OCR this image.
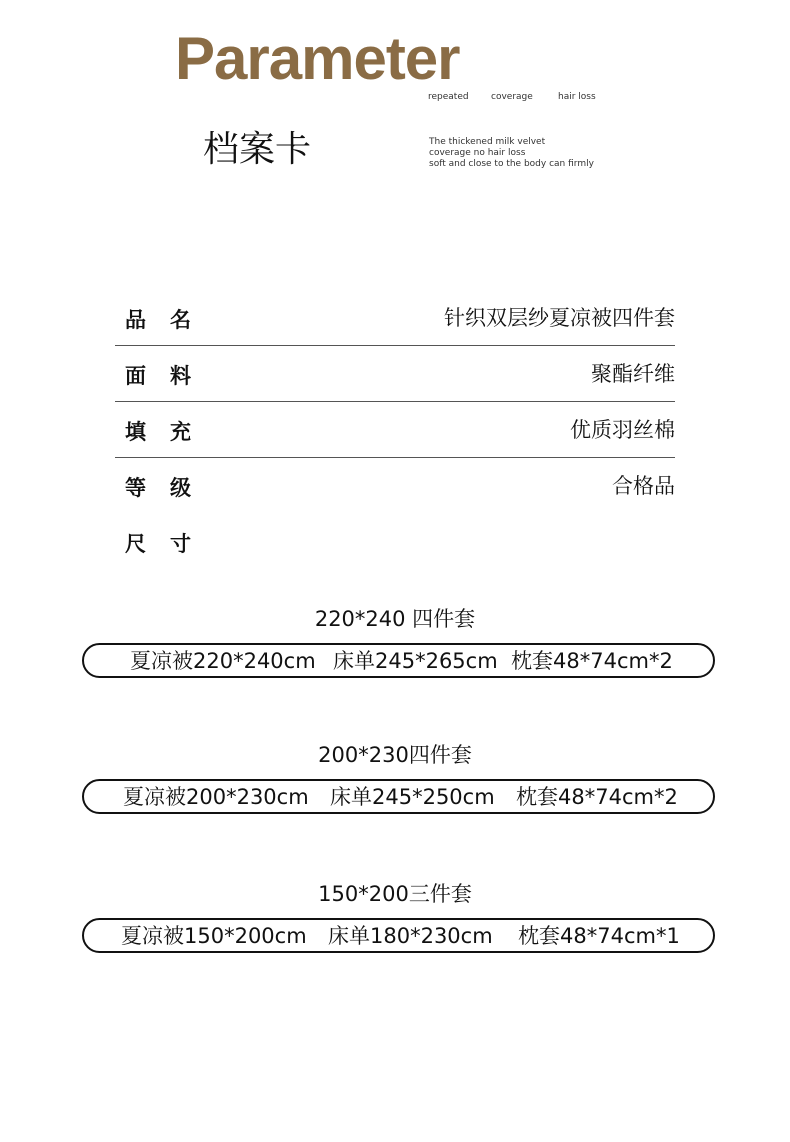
Parameter
repeated coverage	hair loss
档案卡	The thickened milk velvet
coverage no hair loss
soft and close to the body can firmly
品名	针织双层纱夏凉被四件套
面料	聚酯纤维
填充	优质羽丝棉
等级	合格品
尺寸
220*240 四件套
夏凉被220*240cm 床单245*265cm 枕套48*74cm*2
200*230四件套
夏凉被200*230cm 床单245*250cm 枕套48*74cm*2
150*200三件套
夏凉被150*200cm 床单180*230cm 枕套48*74cm*1
